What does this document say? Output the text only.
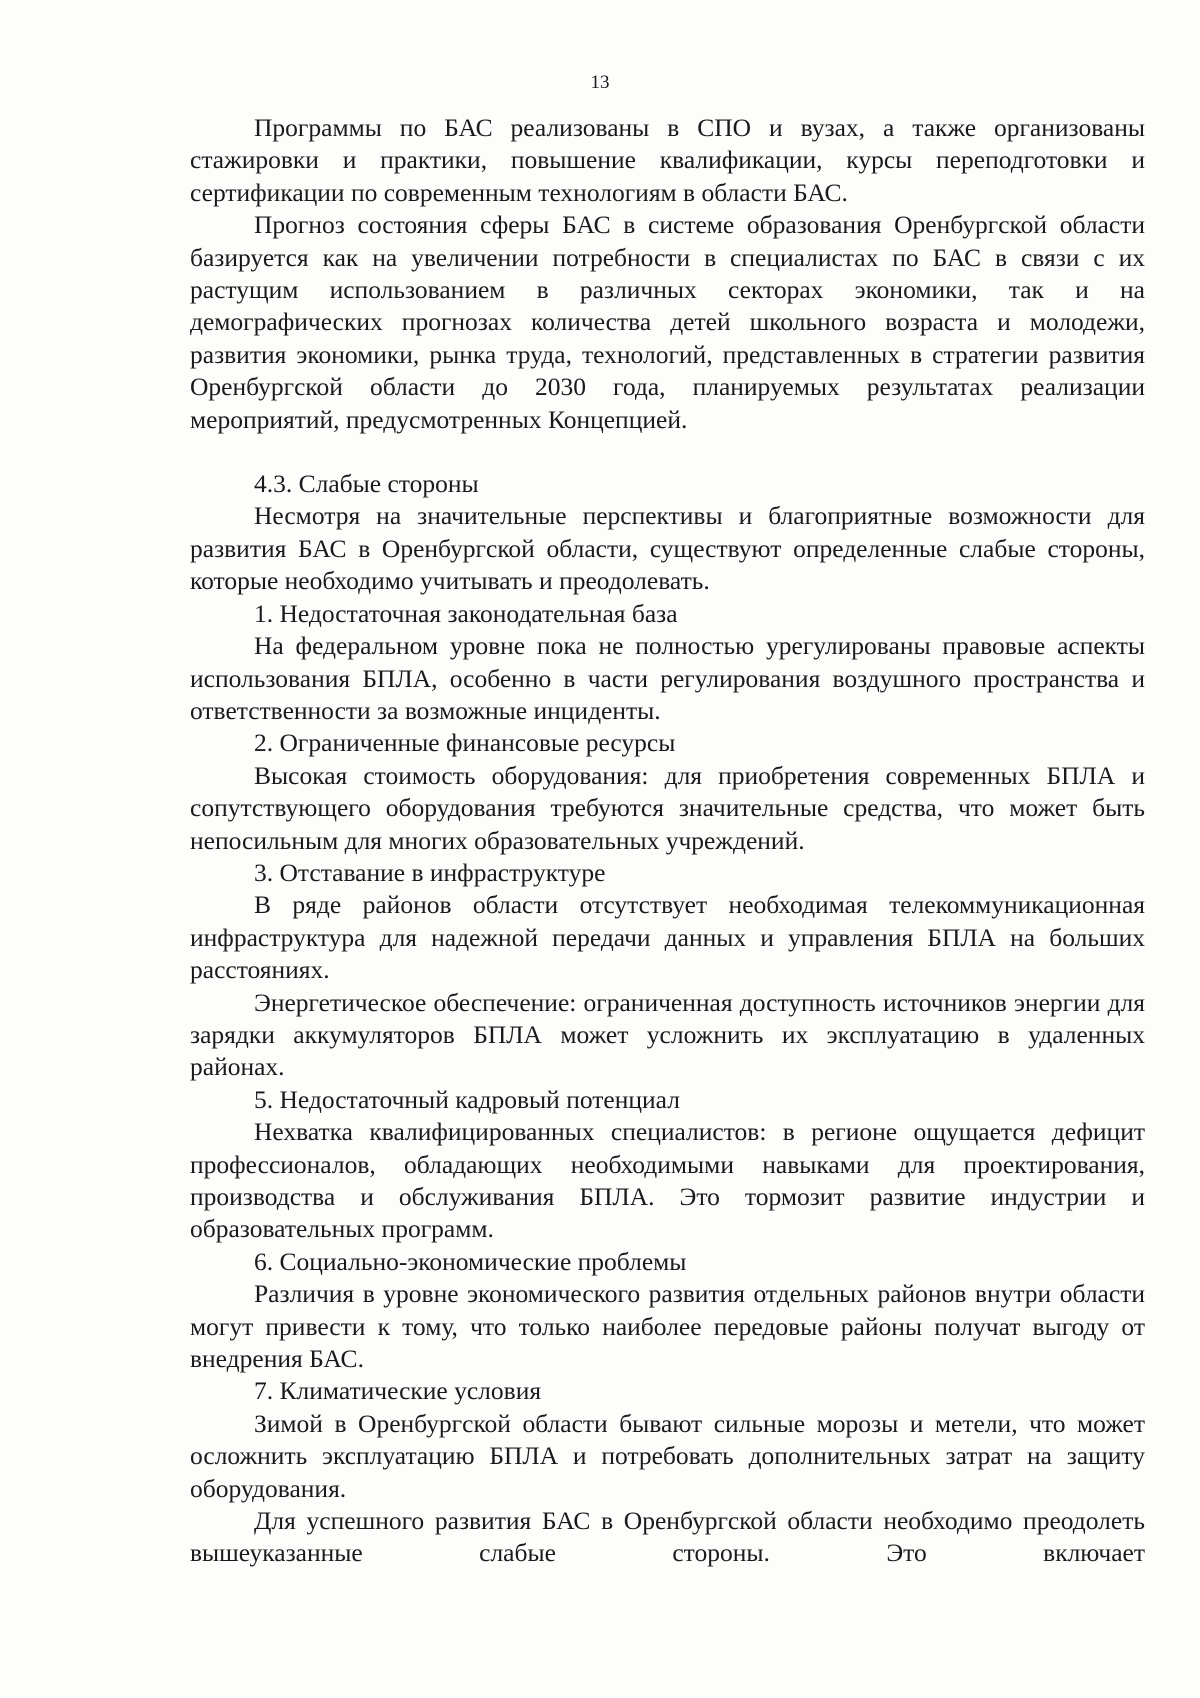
13

Программы по БАС реализованы в СПО и вузах, а также организованы стажировки и практики, повышение квалификации, курсы переподготовки и сертификации по современным технологиям в области БАС.

Прогноз состояния сферы БАС в системе образования Оренбургской области базируется как на увеличении потребности в специалистах по БАС в связи с их растущим использованием в различных секторах экономики, так и на демографических прогнозах количества детей школьного возраста и молодежи, развития экономики, рынка труда, технологий, представленных в стратегии развития Оренбургской области до 2030 года, планируемых результатах реализации мероприятий, предусмотренных Концепцией.

4.3. Слабые стороны

Несмотря на значительные перспективы и благоприятные возможности для развития БАС в Оренбургской области, существуют определенные слабые стороны, которые необходимо учитывать и преодолевать.

1. Недостаточная законодательная база

На федеральном уровне пока не полностью урегулированы правовые аспекты использования БПЛА, особенно в части регулирования воздушного пространства и ответственности за возможные инциденты.

2. Ограниченные финансовые ресурсы

Высокая стоимость оборудования: для приобретения современных БПЛА и сопутствующего оборудования требуются значительные средства, что может быть непосильным для многих образовательных учреждений.

3. Отставание в инфраструктуре

В ряде районов области отсутствует необходимая телекоммуникационная инфраструктура для надежной передачи данных и управления БПЛА на больших расстояниях.

Энергетическое обеспечение: ограниченная доступность источников энергии для зарядки аккумуляторов БПЛА может усложнить их эксплуатацию в удаленных районах.

5. Недостаточный кадровый потенциал

Нехватка квалифицированных специалистов: в регионе ощущается дефицит профессионалов, обладающих необходимыми навыками для проектирования, производства и обслуживания БПЛА. Это тормозит развитие индустрии и образовательных программ.

6. Социально-экономические проблемы

Различия в уровне экономического развития отдельных районов внутри области могут привести к тому, что только наиболее передовые районы получат выгоду от внедрения БАС.

7. Климатические условия

Зимой в Оренбургской области бывают сильные морозы и метели, что может осложнить эксплуатацию БПЛА и потребовать дополнительных затрат на защиту оборудования.

Для успешного развития БАС в Оренбургской области необходимо преодолеть вышеуказанные слабые стороны. Это включает
